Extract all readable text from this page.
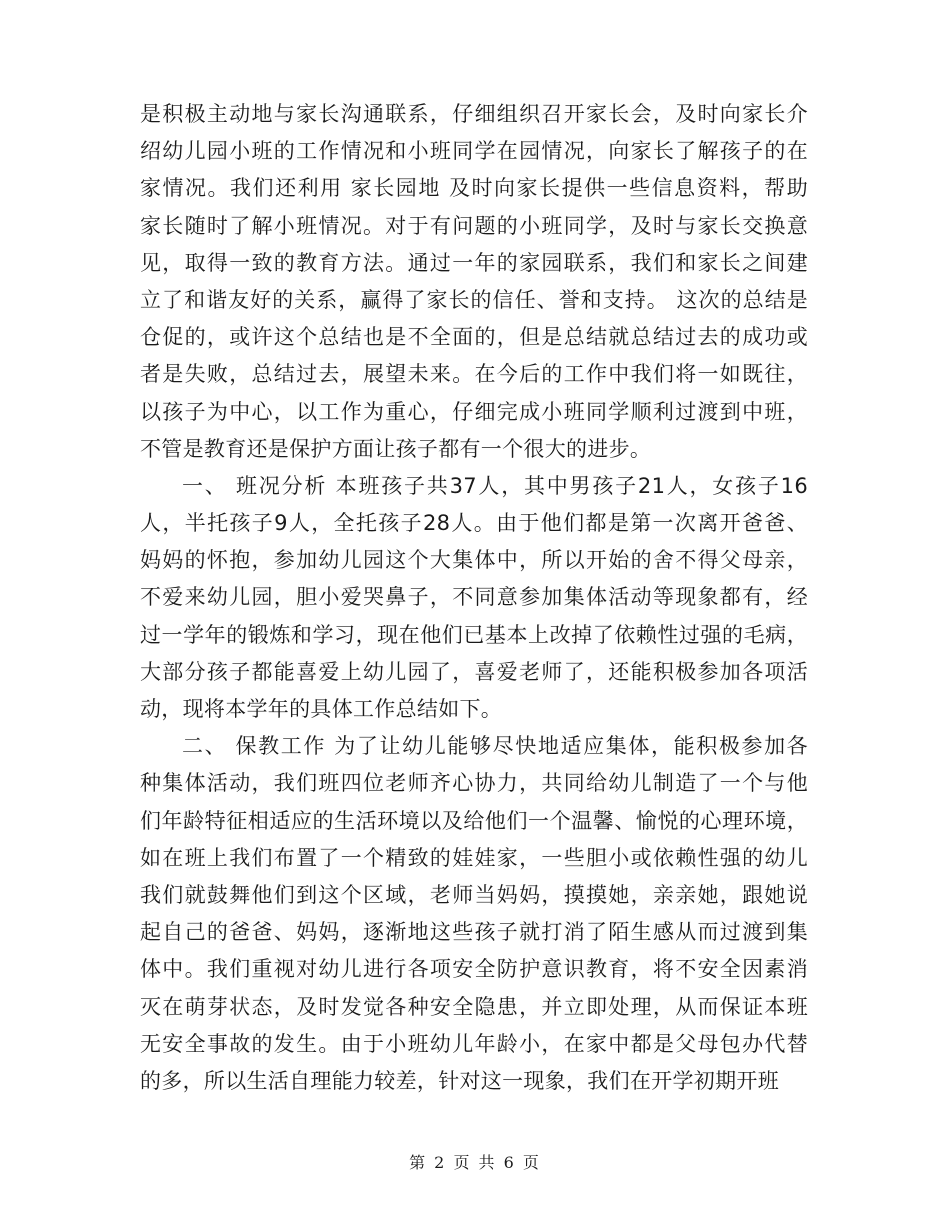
是积极主动地与家长沟通联系，仔细组织召开家长会，及时向家长介
绍幼儿园小班的工作情况和小班同学在园情况，向家长了解孩子的在
家情况。我们还利用 家长园地 及时向家长提供一些信息资料，帮助
家长随时了解小班情况。对于有问题的小班同学，及时与家长交换意
见，取得一致的教育方法。通过一年的家园联系，我们和家长之间建
立了和谐友好的关系，赢得了家长的信任、誉和支持。 这次的总结是
仓促的，或许这个总结也是不全面的，但是总结就总结过去的成功或
者是失败，总结过去，展望未来。在今后的工作中我们将一如既往，
以孩子为中心，以工作为重心，仔细完成小班同学顺利过渡到中班，
不管是教育还是保护方面让孩子都有一个很大的进步。

一、 班况分析 本班孩子共37人，其中男孩子21人，女孩子16
人，半托孩子9人，全托孩子28人。由于他们都是第一次离开爸爸、
妈妈的怀抱，参加幼儿园这个大集体中，所以开始的舍不得父母亲，
不爱来幼儿园，胆小爱哭鼻子，不同意参加集体活动等现象都有，经
过一学年的锻炼和学习，现在他们已基本上改掉了依赖性过强的毛病，
大部分孩子都能喜爱上幼儿园了，喜爱老师了，还能积极参加各项活
动，现将本学年的具体工作总结如下。

二、 保教工作 为了让幼儿能够尽快地适应集体，能积极参加各
种集体活动，我们班四位老师齐心协力，共同给幼儿制造了一个与他
们年龄特征相适应的生活环境以及给他们一个温馨、愉悦的心理环境，
如在班上我们布置了一个精致的娃娃家，一些胆小或依赖性强的幼儿
我们就鼓舞他们到这个区域，老师当妈妈，摸摸她，亲亲她，跟她说
起自己的爸爸、妈妈，逐渐地这些孩子就打消了陌生感从而过渡到集
体中。我们重视对幼儿进行各项安全防护意识教育，将不安全因素消
灭在萌芽状态，及时发觉各种安全隐患，并立即处理，从而保证本班
无安全事故的发生。由于小班幼儿年龄小，在家中都是父母包办代替
的多，所以生活自理能力较差，针对这一现象，我们在开学初期开班

第 2 页 共 6 页
